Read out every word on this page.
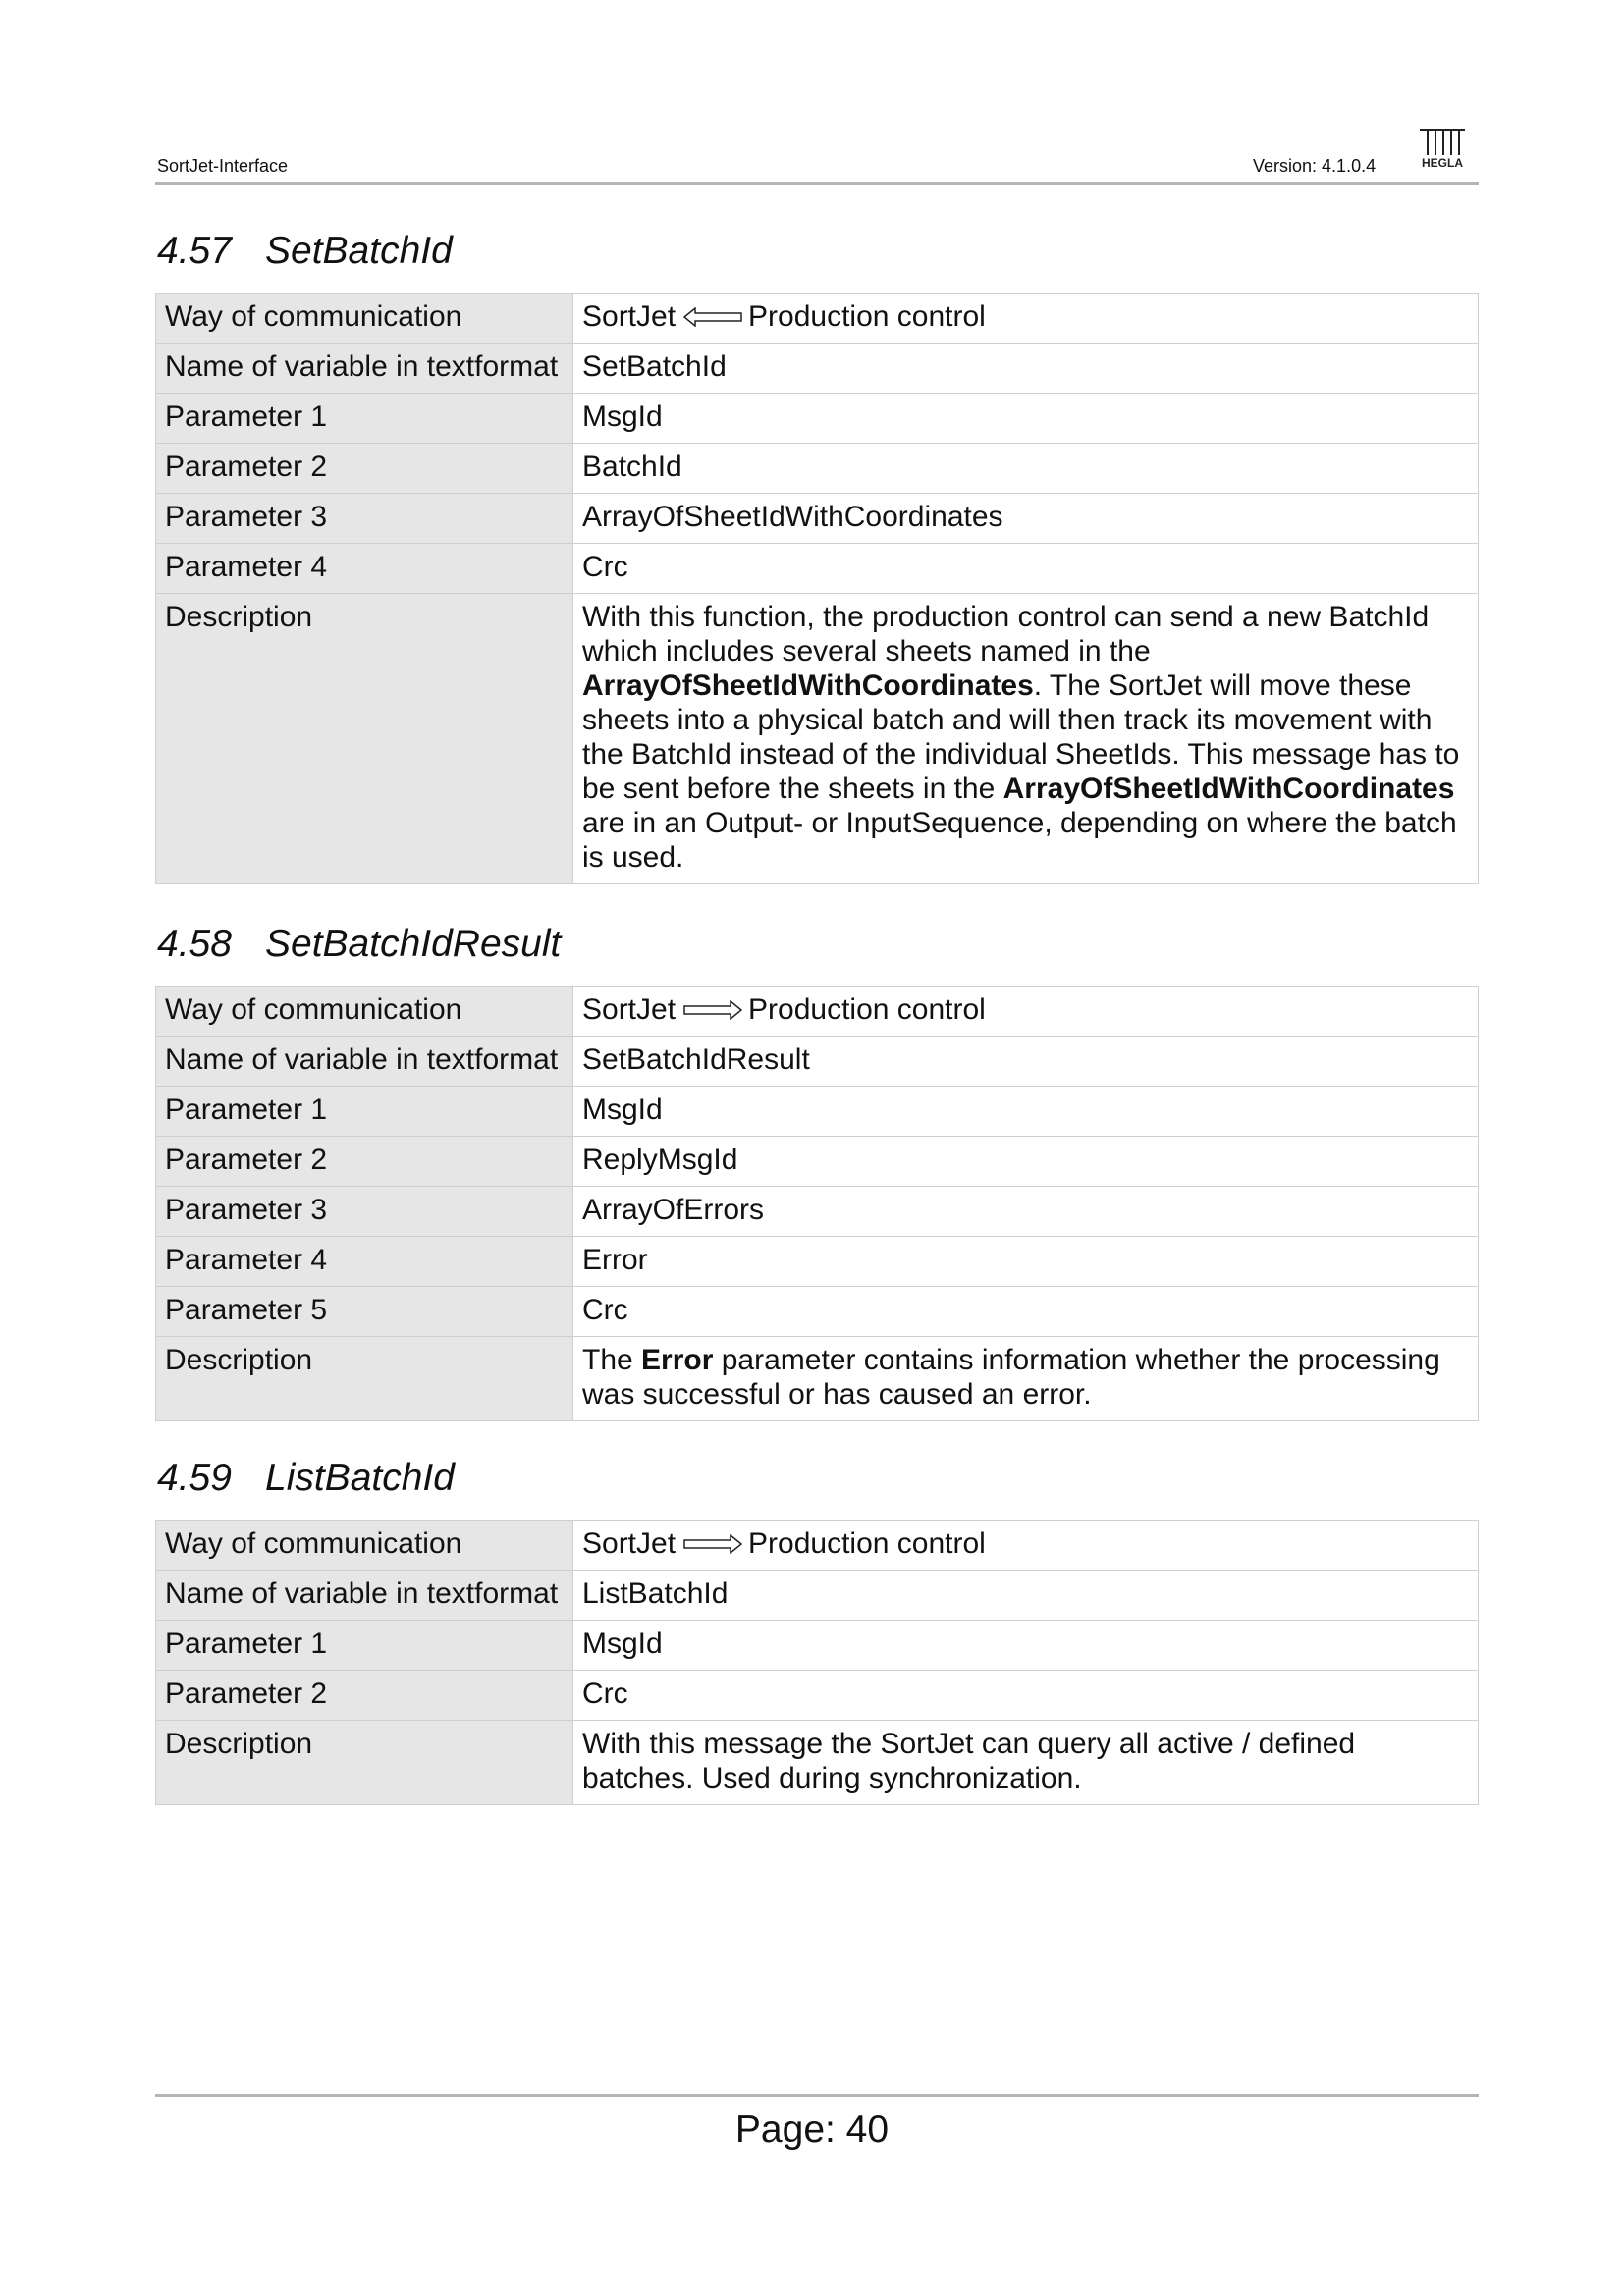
SortJet-Interface	Version: 4.1.0.4	HEGLA
4.57 SetBatchId
Way of communication	SortJet Production control
Name of variable in textformat	SetBatchId
Parameter 1	MsgId
Parameter 2	BatchId
Parameter 3	ArrayOfSheetIdWithCoordinates
Parameter 4	Crc
Description	With this function, the production control can send a new BatchId which includes several sheets named in the ArrayOfSheetIdWithCoordinates. The SortJet will move these sheets into a physical batch and will then track its movement with the BatchId instead of the individual SheetIds. This message has to be sent before the sheets in the ArrayOfSheetIdWithCoordinates are in an Output- or InputSequence, depending on where the batch is used.
4.58 SetBatchIdResult
Way of communication	SortJet Production control
Name of variable in textformat	SetBatchIdResult
Parameter 1	MsgId
Parameter 2	ReplyMsgId
Parameter 3	ArrayOfErrors
Parameter 4	Error
Parameter 5	Crc
Description	The Error parameter contains information whether the processing was successful or has caused an error.
4.59 ListBatchId
Way of communication	SortJet Production control
Name of variable in textformat	ListBatchId
Parameter 1	MsgId
Parameter 2	Crc
Description	With this message the SortJet can query all active / defined batches. Used during synchronization.
Page: 40
